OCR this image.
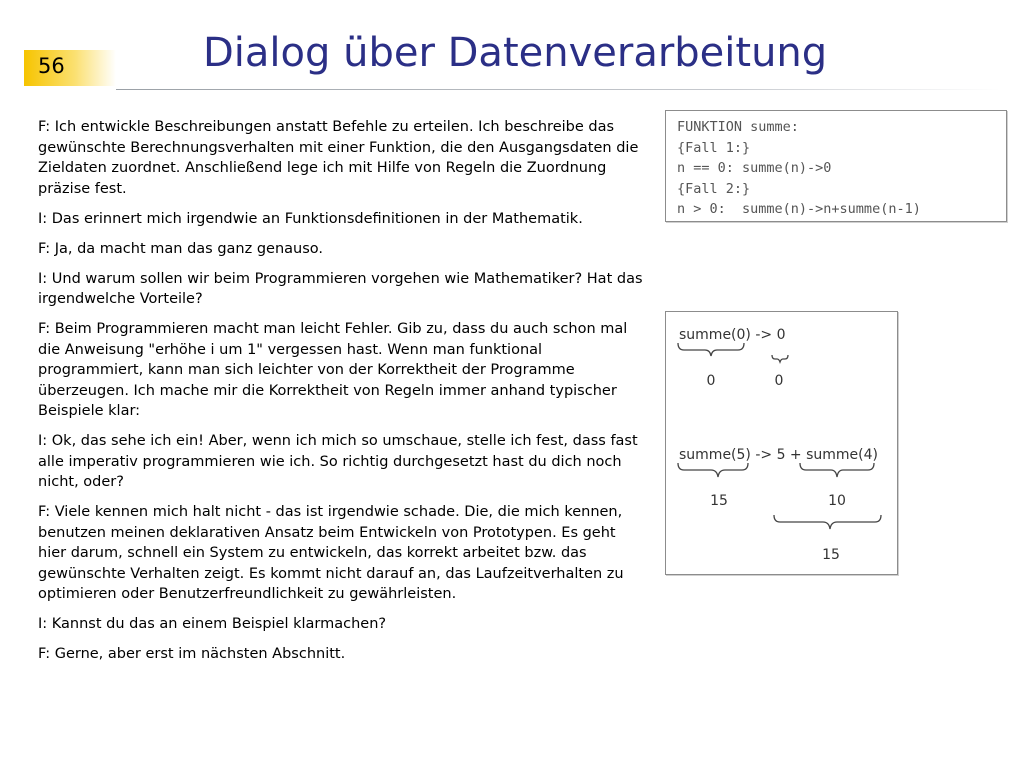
56	Dialog über Datenverarbeitung

F: Ich entwickle Beschreibungen anstatt Befehle zu erteilen. Ich beschreibe das gewünschte Berechnungsverhalten mit einer Funktion, die den Ausgangsdaten die Zieldaten zuordnet. Anschließend lege ich mit Hilfe von Regeln die Zuordnung präzise fest.

I: Das erinnert mich irgendwie an Funktionsdefinitionen in der Mathematik.

F: Ja, da macht man das ganz genauso.

I: Und warum sollen wir beim Programmieren vorgehen wie Mathematiker? Hat das irgendwelche Vorteile?

F: Beim Programmieren macht man leicht Fehler. Gib zu, dass du auch schon mal die Anweisung "erhöhe i um 1" vergessen hast. Wenn man funktional programmiert, kann man sich leichter von der Korrektheit der Programme überzeugen. Ich mache mir die Korrektheit von Regeln immer anhand typischer Beispiele klar:

I: Ok, das sehe ich ein! Aber, wenn ich mich so umschaue, stelle ich fest, dass fast alle imperativ programmieren wie ich. So richtig durchgesetzt hast du dich noch nicht, oder?

F: Viele kennen mich halt nicht - das ist irgendwie schade. Die, die mich kennen, benutzen meinen deklarativen Ansatz beim Entwickeln von Prototypen. Es geht hier darum, schnell ein System zu entwickeln, das korrekt arbeitet bzw. das gewünschte Verhalten zeigt. Es kommt nicht darauf an, das Laufzeitverhalten zu optimieren oder Benutzerfreundlichkeit zu gewährleisten.

I: Kannst du das an einem Beispiel klarmachen?

F: Gerne, aber erst im nächsten Abschnitt.

FUNKTION summe:
{Fall 1:}
n == 0: summe(n)->0
{Fall 2:}
n > 0:  summe(n)->n+summe(n-1)
summe(0) -> 0
0	0
summe(5) -> 5 + summe(4)
15	10
15
